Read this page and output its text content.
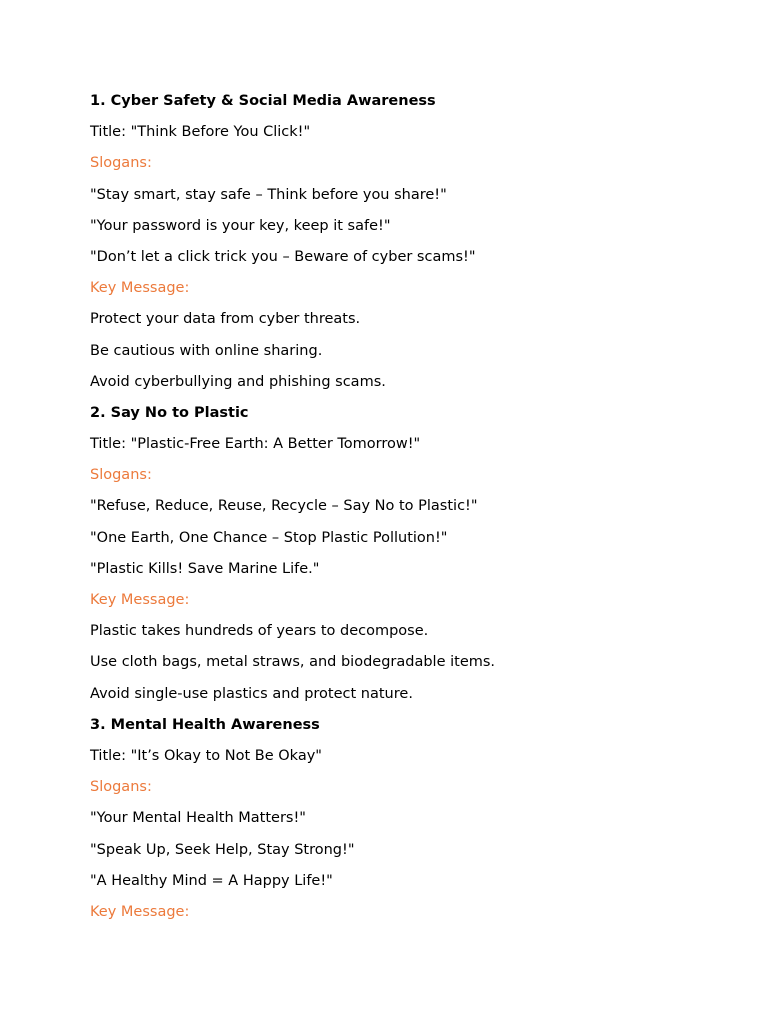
1. Cyber Safety & Social Media Awareness
Title: "Think Before You Click!"
Slogans:
"Stay smart, stay safe – Think before you share!"
"Your password is your key, keep it safe!"
"Don’t let a click trick you – Beware of cyber scams!"
Key Message:
Protect your data from cyber threats.
Be cautious with online sharing.
Avoid cyberbullying and phishing scams.
2. Say No to Plastic
Title: "Plastic-Free Earth: A Better Tomorrow!"
Slogans:
"Refuse, Reduce, Reuse, Recycle – Say No to Plastic!"
"One Earth, One Chance – Stop Plastic Pollution!"
"Plastic Kills! Save Marine Life."
Key Message:
Plastic takes hundreds of years to decompose.
Use cloth bags, metal straws, and biodegradable items.
Avoid single-use plastics and protect nature.
3. Mental Health Awareness
Title: "It’s Okay to Not Be Okay"
Slogans:
"Your Mental Health Matters!"
"Speak Up, Seek Help, Stay Strong!"
"A Healthy Mind = A Happy Life!"
Key Message:
